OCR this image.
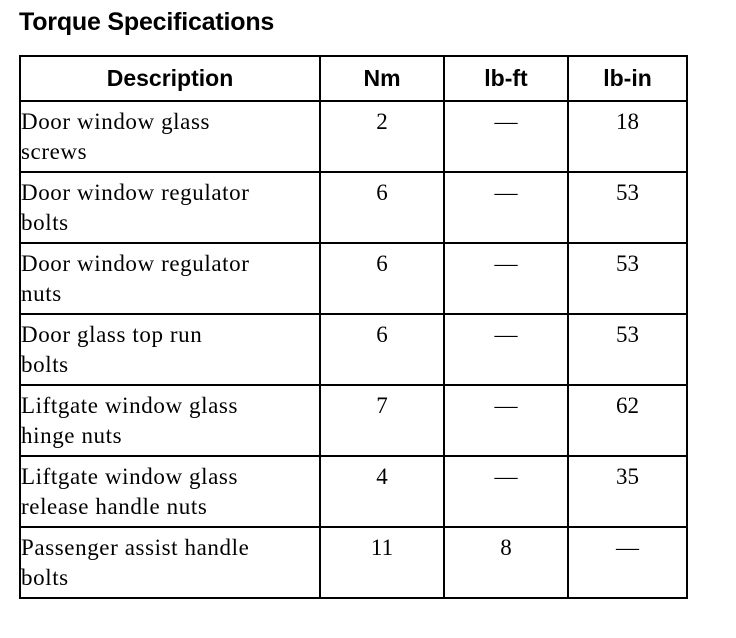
Torque Specifications
Description	Nm	lb-ft	lb-in
Door window glass
screws	2	—	18
Door window regulator
bolts	6	—	53
Door window regulator
nuts	6	—	53
Door glass top run
bolts	6	—	53
Liftgate window glass
hinge nuts	7	—	62
Liftgate window glass
release handle nuts	4	—	35
Passenger assist handle
bolts	11	8	—
